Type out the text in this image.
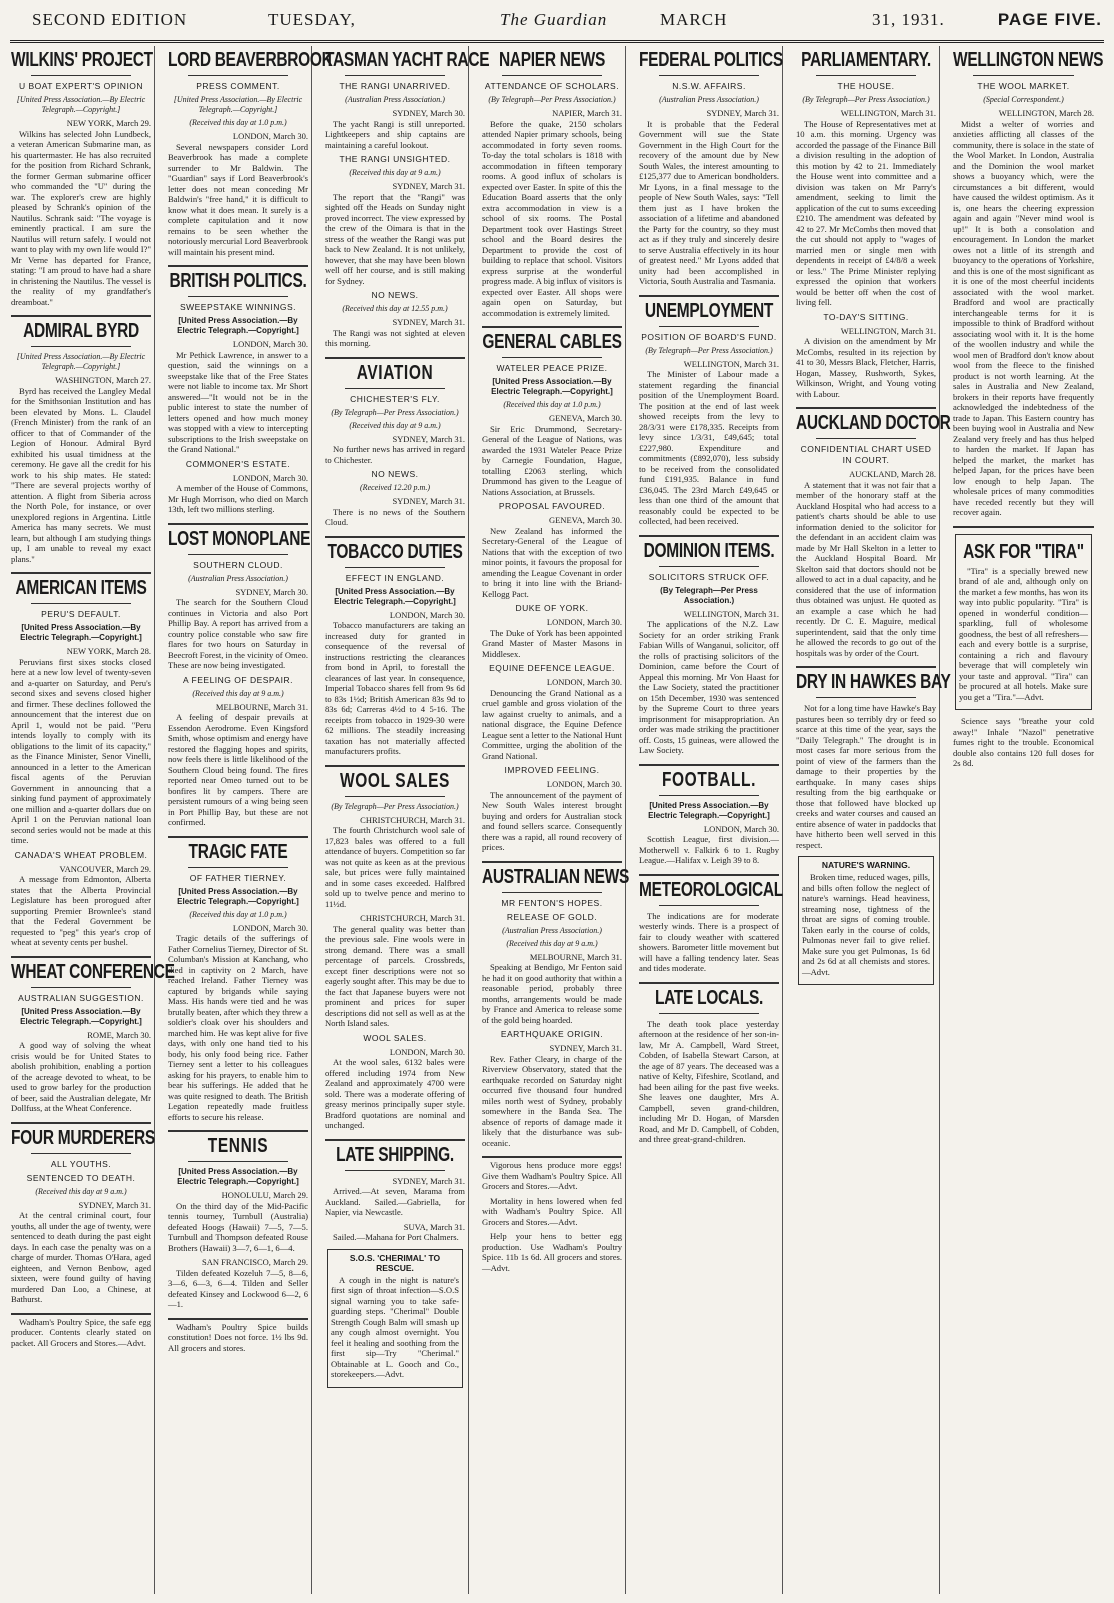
SECOND EDITION	TUESDAY,	The Guardian	MARCH	31, 1931.	PAGE FIVE.
WILKINS' PROJECT
U BOAT EXPERT'S OPINION
[United Press Association.—By Electric Telegraph.—Copyright.]
NEW YORK, March 29.
Wilkins has selected John Lundbeck, a veteran American Submarine man, as his quartermaster. He has also recruited for the position from Richard Schrank, the former German submarine officer who commanded the "U" during the war. The explorer's crew are highly pleased by Schrank's opinion of the Nautilus. Schrank said: "The voyage is eminently practical. I am sure the Nautilus will return safely. I would not want to play with my own life would I?" Mr Verne has departed for France, stating: "I am proud to have had a share in christening the Nautilus. The vessel is the reality of my grandfather's dreamboat."
ADMIRAL BYRD
[United Press Association.—By Electric Telegraph.—Copyright.]
WASHINGTON, March 27.
Byrd has received the Langley Medal for the Smithsonian Institution and has been elevated by Mons. L. Claudel (French Minister) from the rank of an officer to that of Commander of the Legion of Honour. Admiral Byrd exhibited his usual timidness at the ceremony. He gave all the credit for his work to his ship mates. He stated: "There are several projects worthy of attention. A flight from Siberia across the North Pole, for instance, or over unexplored regions in Argentina. Little America has many secrets. We must learn, but although I am studying things up, I am unable to reveal my exact plans."
AMERICAN ITEMS
PERU'S DEFAULT.
[United Press Association.—By Electric Telegraph.—Copyright.]
NEW YORK, March 28.
Peruvians first sixes stocks closed here at a new low level of twenty-seven and a-quarter on Saturday, and Peru's second sixes and sevens closed higher and firmer. These declines followed the announcement that the interest due on April 1, would not be paid. "Peru intends loyally to comply with its obligations to the limit of its capacity," as the Finance Minister, Senor Vinelli, announced in a letter to the American fiscal agents of the Peruvian Government in announcing that a sinking fund payment of approximately one million and a-quarter dollars due on April 1 on the Peruvian national loan second series would not be made at this time.
CANADA'S WHEAT PROBLEM.
VANCOUVER, March 29.
A message from Edmonton, Alberta states that the Alberta Provincial Legislature has been prorogued after supporting Premier Brownlee's stand that the Federal Government be requested to "peg" this year's crop of wheat at seventy cents per bushel.
WHEAT CONFERENCE
AUSTRALIAN SUGGESTION.
[United Press Association.—By Electric Telegraph.—Copyright.]
ROME, March 30.
A good way of solving the wheat crisis would be for United States to abolish prohibition, enabling a portion of the acreage devoted to wheat, to be used to grow barley for the production of beer, said the Australian delegate, Mr Dollfuss, at the Wheat Conference.
FOUR MURDERERS
ALL YOUTHS.
SENTENCED TO DEATH.
(Received this day at 9 a.m.)
SYDNEY, March 31.
At the central criminal court, four youths, all under the age of twenty, were sentenced to death during the past eight days. In each case the penalty was on a charge of murder. Thomas O'Hara, aged eighteen, and Vernon Benbow, aged sixteen, were found guilty of having murdered Dan Loo, a Chinese, at Bathurst.
Wadham's Poultry Spice, the safe egg producer. Contents clearly stated on packet. All Grocers and Stores.—Advt.
LORD BEAVERBROOK
PRESS COMMENT.
[United Press Association.—By Electric Telegraph.—Copyright.]
(Received this day at 1.0 p.m.)
LONDON, March 30.
Several newspapers consider Lord Beaverbrook has made a complete surrender to Mr Baldwin. The "Guardian" says if Lord Beaverbrook's letter does not mean conceding Mr Baldwin's "free hand," it is difficult to know what it does mean. It surely is a complete capitulation and it now remains to be seen whether the notoriously mercurial Lord Beaverbrook will maintain his present mind.
BRITISH POLITICS.
SWEEPSTAKE WINNINGS.
[United Press Association.—By Electric Telegraph.—Copyright.]
LONDON, March 30.
Mr Pethick Lawrence, in answer to a question, said the winnings on a sweepstake like that of the Free States were not liable to income tax. Mr Short answered—"It would not be in the public interest to state the number of letters opened and how much money was stopped with a view to intercepting subscriptions to the Irish sweepstake on the Grand National."
COMMONER'S ESTATE.
LONDON, March 30.
A member of the House of Commons, Mr Hugh Morrison, who died on March 13th, left two millions sterling.
LOST MONOPLANE
SOUTHERN CLOUD.
(Australian Press Association.)
SYDNEY, March 30.
The search for the Southern Cloud continues in Victoria and also Port Phillip Bay. A report has arrived from a country police constable who saw fire flares for two hours on Saturday in Beecroft Forest, in the vicinity of Omeo. These are now being investigated.
A FEELING OF DESPAIR.
(Received this day at 9 a.m.)
MELBOURNE, March 31.
A feeling of despair prevails at Essendon Aerodrome. Even Kingsford Smith, whose optimism and energy have restored the flagging hopes and spirits, now feels there is little likelihood of the Southern Cloud being found. The fires reported near Omeo turned out to be bonfires lit by campers. There are persistent rumours of a wing being seen in Port Phillip Bay, but these are not confirmed.
TRAGIC FATE
OF FATHER TIERNEY.
[United Press Association.—By Electric Telegraph.—Copyright.]
(Received this day at 1.0 p.m.)
LONDON, March 30.
Tragic details of the sufferings of Father Cornelius Tierney, Director of St. Columban's Mission at Kanchang, who died in captivity on 2 March, have reached Ireland. Father Tierney was captured by brigands while saying Mass. His hands were tied and he was brutally beaten, after which they threw a soldier's cloak over his shoulders and marched him. He was kept alive for five days, with only one hand tied to his body, his only food being rice. Father Tierney sent a letter to his colleagues asking for his prayers, to enable him to bear his sufferings. He added that he was quite resigned to death. The British Legation repeatedly made fruitless efforts to secure his release.
TENNIS
[United Press Association.—By Electric Telegraph.—Copyright.]
HONOLULU, March 29.
On the third day of the Mid-Pacific tennis tourney, Turnbull (Australia) defeated Hoogs (Hawaii) 7—5, 7—5. Turnbull and Thompson defeated Rouse Brothers (Hawaii) 3—7, 6—1, 6—4.
SAN FRANCISCO, March 29.
Tilden defeated Kozeluh 7—5, 8—6, 3—6, 6—3, 6—4. Tilden and Seller defeated Kinsey and Lockwood 6—2, 6—1.
Wadham's Poultry Spice builds constitution! Does not force. 1½ lbs 9d. All grocers and stores.
TASMAN YACHT RACE
THE RANGI UNARRIVED.
(Australian Press Association.)
SYDNEY, March 30.
The yacht Rangi is still unreported. Lightkeepers and ship captains are maintaining a careful lookout.
THE RANGI UNSIGHTED.
(Received this day at 9 a.m.)
SYDNEY, March 31.
The report that the "Rangi" was sighted off the Heads on Sunday night proved incorrect. The view expressed by the crew of the Oimara is that in the stress of the weather the Rangi was put back to New Zealand. It is not unlikely, however, that she may have been blown well off her course, and is still making for Sydney.
NO NEWS.
(Received this day at 12.55 p.m.)
SYDNEY, March 31.
The Rangi was not sighted at eleven this morning.
AVIATION
CHICHESTER'S FLY.
(By Telegraph—Per Press Association.)
(Received this day at 9 a.m.)
SYDNEY, March 31.
No further news has arrived in regard to Chichester.
NO NEWS.
(Received 12.20 p.m.)
SYDNEY, March 31.
There is no news of the Southern Cloud.
TOBACCO DUTIES
EFFECT IN ENGLAND.
[United Press Association.—By Electric Telegraph.—Copyright.]
LONDON, March 30.
Tobacco manufacturers are taking an increased duty for granted in consequence of the reversal of instructions restricting the clearances from bond in April, to forestall the clearances of last year. In consequence, Imperial Tobacco shares fell from 9s 6d to 83s 1½d; British American 83s 9d to 83s 6d; Carreras 4½d to 4 5-16. The receipts from tobacco in 1929-30 were 62 millions. The steadily increasing taxation has not materially affected manufacturers profits.
WOOL SALES
(By Telegraph—Per Press Association.)
CHRISTCHURCH, March 31.
The fourth Christchurch wool sale of 17,823 bales was offered to a full attendance of buyers. Competition so far was not quite as keen as at the previous sale, but prices were fully maintained and in some cases exceeded. Halfbred sold up to twelve pence and merino to 11½d.
CHRISTCHURCH, March 31.
The general quality was better than the previous sale. Fine wools were in strong demand. There was a small percentage of parcels. Crossbreds, except finer descriptions were not so eagerly sought after. This may be due to the fact that Japanese buyers were not prominent and prices for super descriptions did not sell as well as at the North Island sales.
WOOL SALES.
LONDON, March 30.
At the wool sales, 6132 bales were offered including 1974 from New Zealand and approximately 4700 were sold. There was a moderate offering of greasy merinos principally super style. Bradford quotations are nominal and unchanged.
LATE SHIPPING.
SYDNEY, March 31.
Arrived.—At seven, Marama from Auckland. Sailed.—Gabriella, for Napier, via Newcastle.
SUVA, March 31.
Sailed.—Mahana for Port Chalmers.
S.O.S. 'CHERIMAL' TO RESCUE.
A cough in the night is nature's first sign of throat infection—S.O.S signal warning you to take safe-guarding steps. "Cherimal" Double Strength Cough Balm will smash up any cough almost overnight. You feel it healing and soothing from the first sip—Try "Cherimal." Obtainable at L. Gooch and Co., storekeepers.—Advt.
NAPIER NEWS
ATTENDANCE OF SCHOLARS.
(By Telegraph—Per Press Association.)
NAPIER, March 31.
Before the quake, 2150 scholars attended Napier primary schools, being accommodated in forty seven rooms. To-day the total scholars is 1818 with accommodation in fifteen temporary rooms. A good influx of scholars is expected over Easter. In spite of this the Education Board asserts that the only extra accommodation in view is a school of six rooms. The Postal Department took over Hastings Street school and the Board desires the Department to provide the cost of building to replace that school. Visitors express surprise at the wonderful progress made. A big influx of visitors is expected over Easter. All shops were again open on Saturday, but accommodation is extremely limited.
GENERAL CABLES
WATELER PEACE PRIZE.
[United Press Association.—By Electric Telegraph.—Copyright.]
(Received this day at 1.0 p.m.)
GENEVA, March 30.
Sir Eric Drummond, Secretary-General of the League of Nations, was awarded the 1931 Wateler Peace Prize by Carnegie Foundation, Hague, totalling £2063 sterling, which Drummond has given to the League of Nations Association, at Brussels.
PROPOSAL FAVOURED.
GENEVA, March 30.
New Zealand has informed the Secretary-General of the League of Nations that with the exception of two minor points, it favours the proposal for amending the League Covenant in order to bring it into line with the Briand-Kellogg Pact.
DUKE OF YORK.
LONDON, March 30.
The Duke of York has been appointed Grand Master of Master Masons in Middlesex.
EQUINE DEFENCE LEAGUE.
LONDON, March 30.
Denouncing the Grand National as a cruel gamble and gross violation of the law against cruelty to animals, and a national disgrace, the Equine Defence League sent a letter to the National Hunt Committee, urging the abolition of the Grand National.
IMPROVED FEELING.
LONDON, March 30.
The announcement of the payment of New South Wales interest brought buying and orders for Australian stock and found sellers scarce. Consequently there was a rapid, all round recovery of prices.
AUSTRALIAN NEWS
MR FENTON'S HOPES.
RELEASE OF GOLD.
(Australian Press Association.)
(Received this day at 9 a.m.)
MELBOURNE, March 31.
Speaking at Bendigo, Mr Fenton said he had it on good authority that within a reasonable period, probably three months, arrangements would be made by France and America to release some of the gold being hoarded.
EARTHQUAKE ORIGIN.
SYDNEY, March 31.
Rev. Father Cleary, in charge of the Riverview Observatory, stated that the earthquake recorded on Saturday night occurred five thousand four hundred miles north west of Sydney, probably somewhere in the Banda Sea. The absence of reports of damage made it likely that the disturbance was sub-oceanic.
Vigorous hens produce more eggs! Give them Wadham's Poultry Spice. All Grocers and Stores.—Advt.
Mortality in hens lowered when fed with Wadham's Poultry Spice. All Grocers and Stores.—Advt.
Help your hens to better egg production. Use Wadham's Poultry Spice. 11b 1s 6d. All grocers and stores.—Advt.
FEDERAL POLITICS
N.S.W. AFFAIRS.
(Australian Press Association.)
SYDNEY, March 31.
It is probable that the Federal Government will sue the State Government in the High Court for the recovery of the amount due by New South Wales, the interest amounting to £125,377 due to American bondholders. Mr Lyons, in a final message to the people of New South Wales, says: "Tell them just as I have broken the association of a lifetime and abandoned the Party for the country, so they must act as if they truly and sincerely desire to serve Australia effectively in its hour of greatest need." Mr Lyons added that unity had been accomplished in Victoria, South Australia and Tasmania.
UNEMPLOYMENT
POSITION OF BOARD'S FUND.
(By Telegraph—Per Press Association.)
WELLINGTON, March 31.
The Minister of Labour made a statement regarding the financial position of the Unemployment Board. The position at the end of last week showed receipts from the levy to 28/3/31 were £178,335. Receipts from levy since 1/3/31, £49,645; total £227,980. Expenditure and commitments (£892,070), less subsidy to be received from the consolidated fund £191,935. Balance in fund £36,045. The 23rd March £49,645 or less than one third of the amount that reasonably could be expected to be collected, had been received.
DOMINION ITEMS.
SOLICITORS STRUCK OFF.
(By Telegraph—Per Press Association.)
WELLINGTON, March 31.
The applications of the N.Z. Law Society for an order striking Frank Fabian Wills of Wanganui, solicitor, off the rolls of practising solicitors of the Dominion, came before the Court of Appeal this morning. Mr Von Haast for the Law Society, stated the practitioner on 15th December, 1930 was sentenced by the Supreme Court to three years imprisonment for misappropriation. An order was made striking the practitioner off. Costs, 15 guineas, were allowed the Law Society.
FOOTBALL.
[United Press Association.—By Electric Telegraph.—Copyright.]
LONDON, March 30.
Scottish League, first division.—Motherwell v. Falkirk 6 to 1. Rugby League.—Halifax v. Leigh 39 to 8.
METEOROLOGICAL
The indications are for moderate westerly winds. There is a prospect of fair to cloudy weather with scattered showers. Barometer little movement but will have a falling tendency later. Seas and tides moderate.
LATE LOCALS.
The death took place yesterday afternoon at the residence of her son-in-law, Mr A. Campbell, Ward Street, Cobden, of Isabella Stewart Carson, at the age of 87 years. The deceased was a native of Kelty, Fifeshire, Scotland, and had been ailing for the past five weeks. She leaves one daughter, Mrs A. Campbell, seven grand-children, including Mr D. Hogan, of Marsden Road, and Mr D. Campbell, of Cobden, and three great-grand-children.
PARLIAMENTARY.
THE HOUSE.
(By Telegraph—Per Press Association.)
WELLINGTON, March 31.
The House of Representatives met at 10 a.m. this morning. Urgency was accorded the passage of the Finance Bill a division resulting in the adoption of this motion by 42 to 21. Immediately the House went into committee and a division was taken on Mr Parry's amendment, seeking to limit the application of the cut to sums exceeding £210. The amendment was defeated by 42 to 27. Mr McCombs then moved that the cut should not apply to "wages of married men or single men with dependents in receipt of £4/8/8 a week or less." The Prime Minister replying expressed the opinion that workers would be better off when the cost of living fell.
TO-DAY'S SITTING.
WELLINGTON, March 31.
A division on the amendment by Mr McCombs, resulted in its rejection by 41 to 30, Messrs Black, Fletcher, Harris, Hogan, Massey, Rushworth, Sykes, Wilkinson, Wright, and Young voting with Labour.
AUCKLAND DOCTOR
CONFIDENTIAL CHART USED IN COURT.
AUCKLAND, March 28.
A statement that it was not fair that a member of the honorary staff at the Auckland Hospital who had access to a patient's charts should be able to use information denied to the solicitor for the defendant in an accident claim was made by Mr Hall Skelton in a letter to the Auckland Hospital Board. Mr Skelton said that doctors should not be allowed to act in a dual capacity, and he considered that the use of information thus obtained was unjust. He quoted as an example a case which he had recently. Dr C. E. Maguire, medical superintendent, said that the only time he allowed the records to go out of the hospitals was by order of the Court.
DRY IN HAWKES BAY
Not for a long time have Hawke's Bay pastures been so terribly dry or feed so scarce at this time of the year, says the "Daily Telegraph." The drought is in most cases far more serious from the point of view of the farmers than the damage to their properties by the earthquake. In many cases ships resulting from the big earthquake or those that followed have blocked up creeks and water courses and caused an entire absence of water in paddocks that have hitherto been well served in this respect.
NATURE'S WARNING.
Broken time, reduced wages, pills, and bills often follow the neglect of nature's warnings. Head heaviness, streaming nose, tightness of the throat are signs of coming trouble. Taken early in the course of colds, Pulmonas never fail to give relief. Make sure you get Pulmonas, 1s 6d and 2s 6d at all chemists and stores.—Advt.
WELLINGTON NEWS
THE WOOL MARKET.
(Special Correspondent.)
WELLINGTON, March 28.
Midst a welter of worries and anxieties afflicting all classes of the community, there is solace in the state of the Wool Market. In London, Australia and the Dominion the wool market shows a buoyancy which, were the circumstances a bit different, would have caused the wildest optimism. As it is, one hears the cheering expression again and again "Never mind wool is up!" It is both a consolation and encouragement. In London the market owes not a little of its strength and buoyancy to the operations of Yorkshire, and this is one of the most significant as it is one of the most cheerful incidents associated with the wool market. Bradford and wool are practically interchangeable terms for it is impossible to think of Bradford without associating wool with it. It is the home of the woollen industry and while the wool men of Bradford don't know about wool from the fleece to the finished product is not worth learning. At the sales in Australia and New Zealand, brokers in their reports have frequently acknowledged the indebtedness of the trade to Japan. This Eastern country has been buying wool in Australia and New Zealand very freely and has thus helped to harden the market. If Japan has helped the market, the market has helped Japan, for the prices have been low enough to help Japan. The wholesale prices of many commodities have receded recently but they will recover again.
ASK FOR "TIRA"
"Tira" is a specially brewed new brand of ale and, although only on the market a few months, has won its way into public popularity. "Tira" is opened in wonderful condition—sparkling, full of wholesome goodness, the best of all refreshers—each and every bottle is a surprise, containing a rich and flavoury beverage that will completely win your taste and approval. "Tira" can be procured at all hotels. Make sure you get a "Tira."—Advt.
Science says "breathe your cold away!" Inhale "Nazol" penetrative fumes right to the trouble. Economical double also contains 120 full doses for 2s 8d.
